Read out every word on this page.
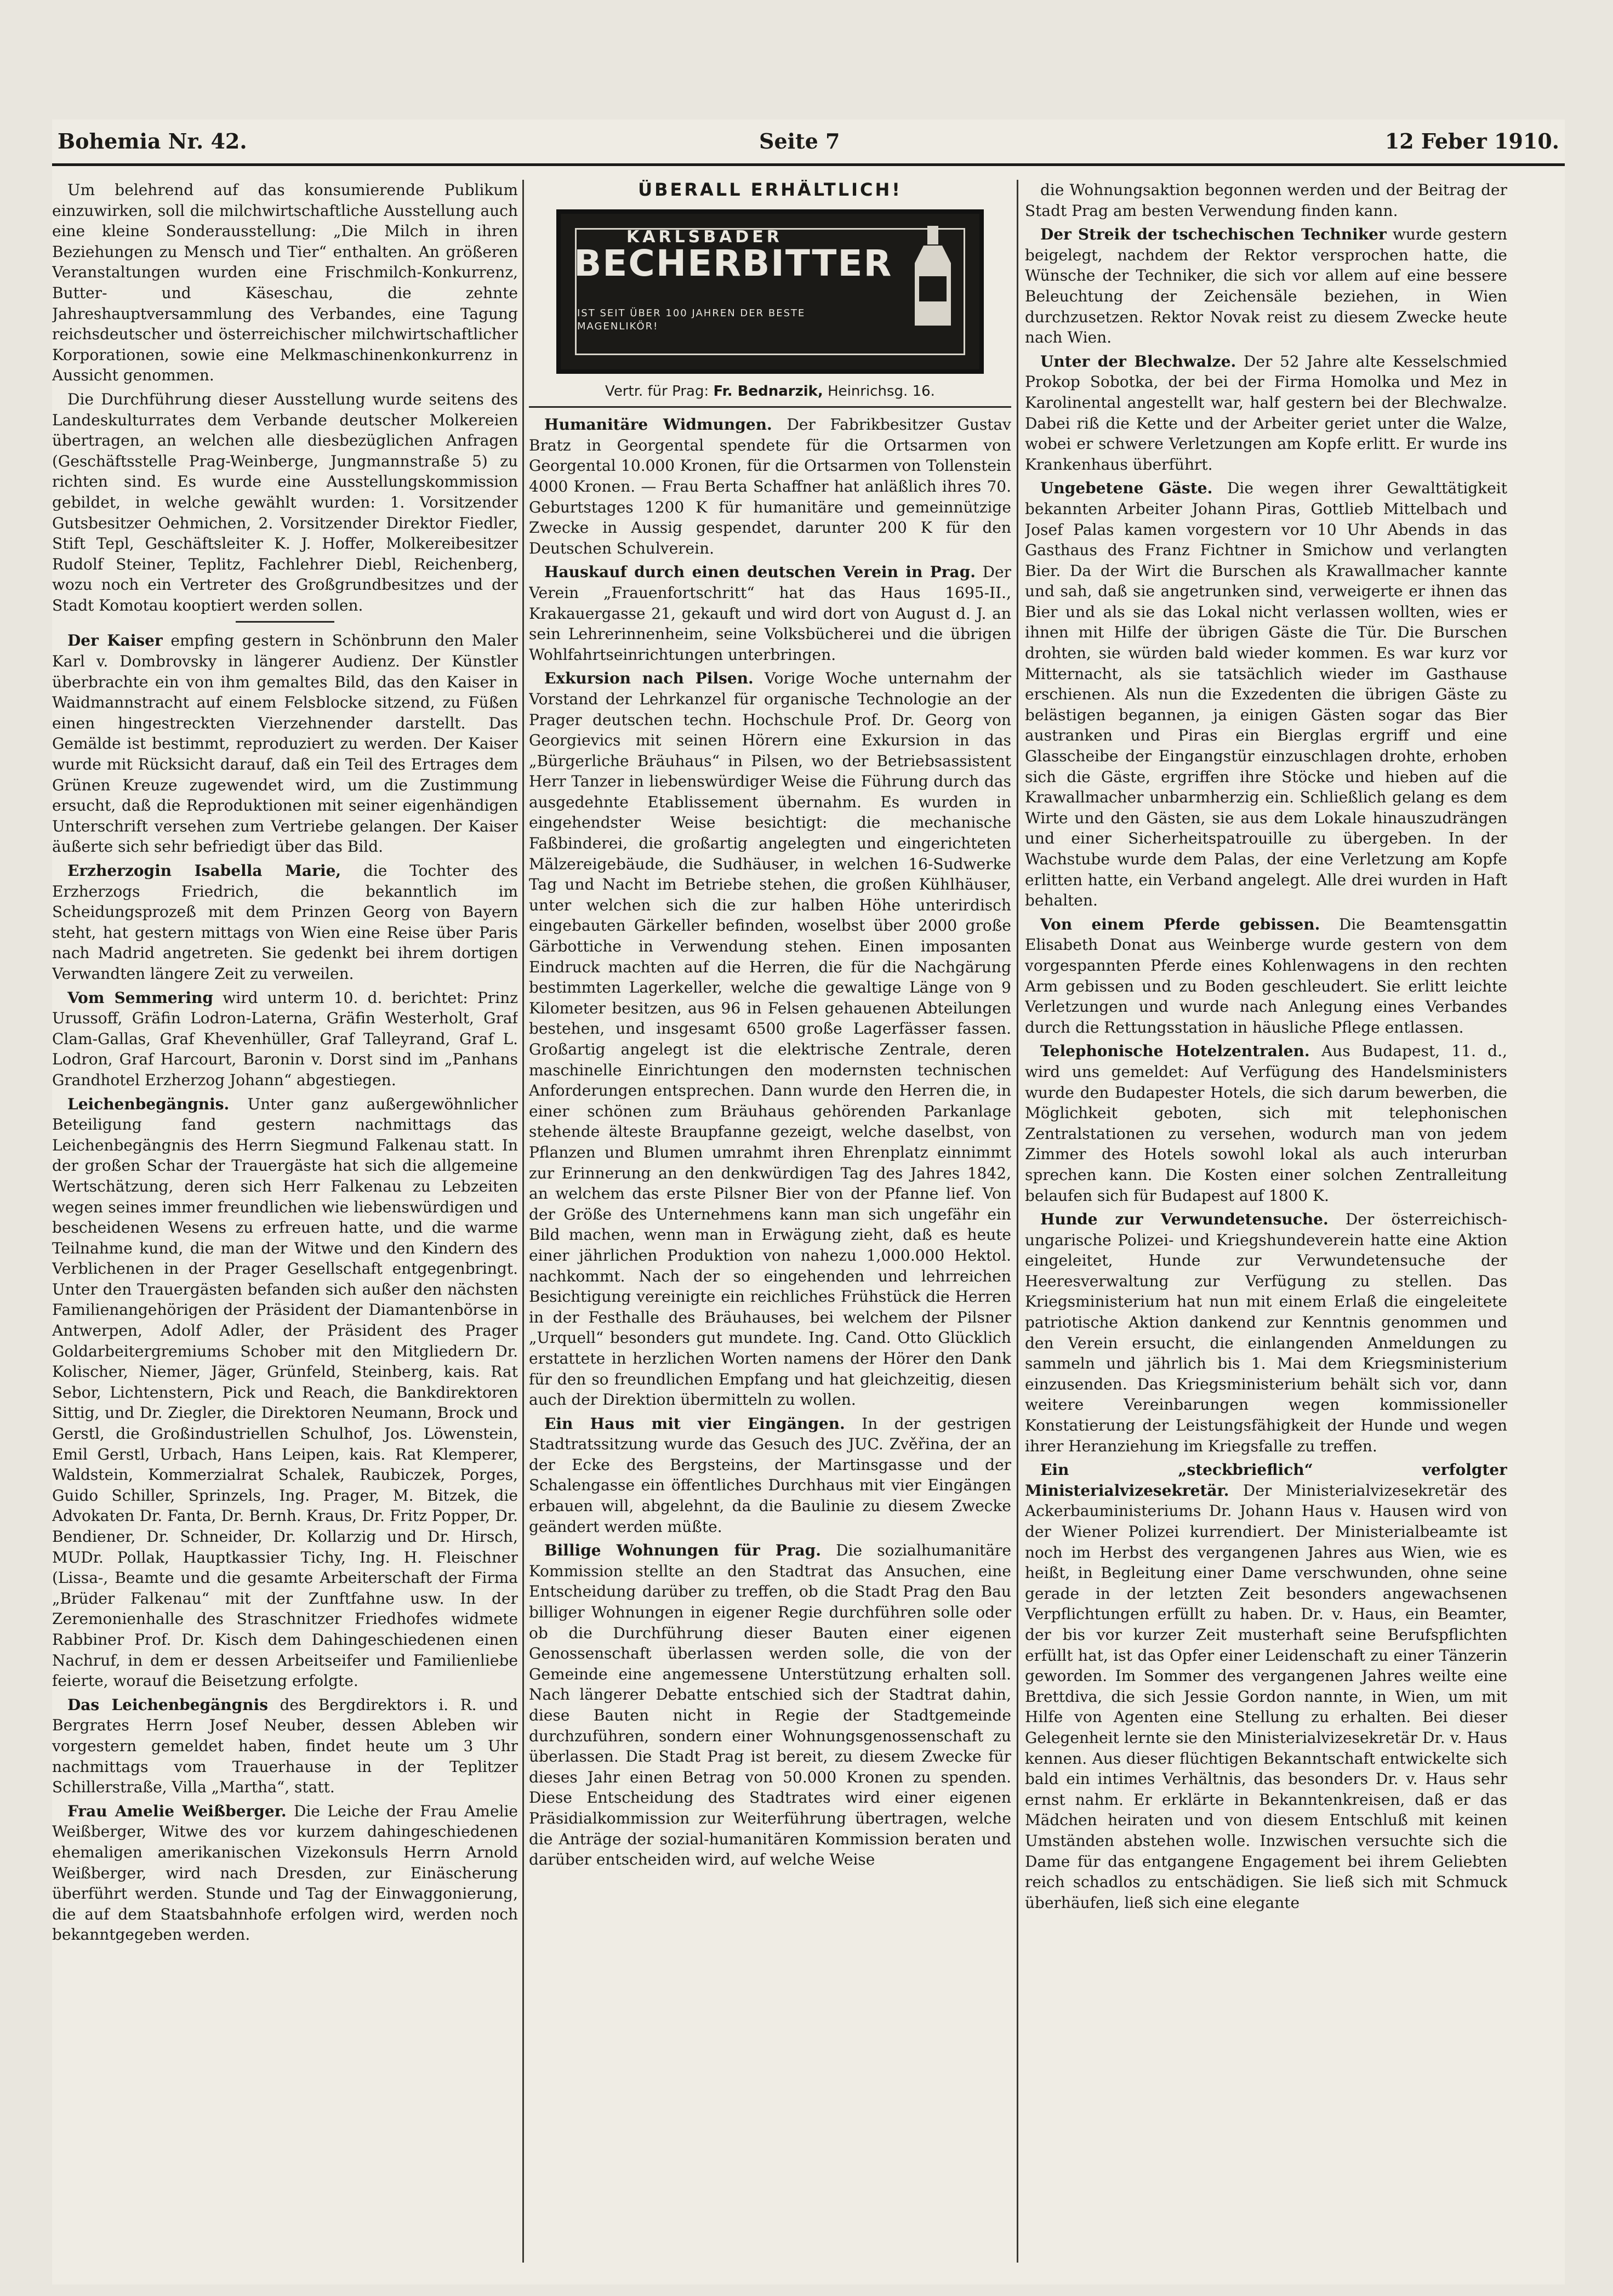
Bohemia Nr. 42.	Seite 7	12 Feber 1910.

Um belehrend auf das konsumierende Publikum einzuwirken, soll die milchwirtschaftliche Ausstellung auch eine kleine Sonderausstellung: „Die Milch in ihren Beziehungen zu Mensch und Tier“ enthalten. An größeren Veranstaltungen wurden eine Frischmilch-Konkurrenz, Butter- und Käseschau, die zehnte Jahreshauptversammlung des Verbandes, eine Tagung reichsdeutscher und österreichischer milchwirtschaftlicher Korporationen, sowie eine Melkmaschinenkonkurrenz in Aussicht genommen.

Die Durchführung dieser Ausstellung wurde seitens des Landeskulturrates dem Verbande deutscher Molkereien übertragen, an welchen alle diesbezüglichen Anfragen (Geschäftsstelle Prag-Weinberge, Jungmannstraße 5) zu richten sind. Es wurde eine Ausstellungskommission gebildet, in welche gewählt wurden: 1. Vorsitzender Gutsbesitzer Oehmichen, 2. Vorsitzender Direktor Fiedler, Stift Tepl, Geschäftsleiter K. J. Hoffer, Molkereibesitzer Rudolf Steiner, Teplitz, Fachlehrer Diebl, Reichenberg, wozu noch ein Vertreter des Großgrundbesitzes und der Stadt Komotau kooptiert werden sollen.

Der Kaiser empfing gestern in Schönbrunn den Maler Karl v. Dombrovsky in längerer Audienz. Der Künstler überbrachte ein von ihm gemaltes Bild, das den Kaiser in Waidmannstracht auf einem Felsblocke sitzend, zu Füßen einen hingestreckten Vierzehnender darstellt. Das Gemälde ist bestimmt, reproduziert zu werden. Der Kaiser wurde mit Rücksicht darauf, daß ein Teil des Ertrages dem Grünen Kreuze zugewendet wird, um die Zustimmung ersucht, daß die Reproduktionen mit seiner eigenhändigen Unterschrift versehen zum Vertriebe gelangen. Der Kaiser äußerte sich sehr befriedigt über das Bild.

Erzherzogin Isabella Marie, die Tochter des Erzherzogs Friedrich, die bekanntlich im Scheidungsprozeß mit dem Prinzen Georg von Bayern steht, hat gestern mittags von Wien eine Reise über Paris nach Madrid angetreten. Sie gedenkt bei ihrem dortigen Verwandten längere Zeit zu verweilen.

Vom Semmering wird unterm 10. d. berichtet: Prinz Urussoff, Gräfin Lodron-Laterna, Gräfin Westerholt, Graf Clam-Gallas, Graf Khevenhüller, Graf Talleyrand, Graf L. Lodron, Graf Harcourt, Baronin v. Dorst sind im „Panhans Grandhotel Erzherzog Johann“ abgestiegen.

Leichenbegängnis. Unter ganz außergewöhnlicher Beteiligung fand gestern nachmittags das Leichenbegängnis des Herrn Siegmund Falkenau statt. In der großen Schar der Trauergäste hat sich die allgemeine Wertschätzung, deren sich Herr Falkenau zu Lebzeiten wegen seines immer freundlichen wie liebenswürdigen und bescheidenen Wesens zu erfreuen hatte, und die warme Teilnahme kund, die man der Witwe und den Kindern des Verblichenen in der Prager Gesellschaft entgegenbringt. Unter den Trauergästen befanden sich außer den nächsten Familienangehörigen der Präsident der Diamantenbörse in Antwerpen, Adolf Adler, der Präsident des Prager Goldarbeitergremiums Schober mit den Mitgliedern Dr. Kolischer, Niemer, Jäger, Grünfeld, Steinberg, kais. Rat Sebor, Lichtenstern, Pick und Reach, die Bankdirektoren Sittig, und Dr. Ziegler, die Direktoren Neumann, Brock und Gerstl, die Großindustriellen Schulhof, Jos. Löwenstein, Emil Gerstl, Urbach, Hans Leipen, kais. Rat Klemperer, Waldstein, Kommerzialrat Schalek, Raubiczek, Porges, Guido Schiller, Sprinzels, Ing. Prager, M. Bitzek, die Advokaten Dr. Fanta, Dr. Bernh. Kraus, Dr. Fritz Popper, Dr. Bendiener, Dr. Schneider, Dr. Kollarzig und Dr. Hirsch, MUDr. Pollak, Hauptkassier Tichy, Ing. H. Fleischner (Lissa-, Beamte und die gesamte Arbeiterschaft der Firma „Brüder Falkenau“ mit der Zunftfahne usw. In der Zeremonienhalle des Straschnitzer Friedhofes widmete Rabbiner Prof. Dr. Kisch dem Dahingeschiedenen einen Nachruf, in dem er dessen Arbeitseifer und Familienliebe feierte, worauf die Beisetzung erfolgte.

Das Leichenbegängnis des Bergdirektors i. R. und Bergrates Herrn Josef Neuber, dessen Ableben wir vorgestern gemeldet haben, findet heute um 3 Uhr nachmittags vom Trauerhause in der Teplitzer Schillerstraße, Villa „Martha“, statt.

Frau Amelie Weißberger. Die Leiche der Frau Amelie Weißberger, Witwe des vor kurzem dahingeschiedenen ehemaligen amerikanischen Vizekonsuls Herrn Arnold Weißberger, wird nach Dresden, zur Einäscherung überführt werden. Stunde und Tag der Einwaggonierung, die auf dem Staatsbahnhofe erfolgen wird, werden noch bekanntgegeben werden.

ÜBERALL ERHÄLTLICH!
KARLSBADER
BECHERBITTER
IST SEIT ÜBER 100 JAHREN DER BESTE MAGENLIKÖR!
Vertr. für Prag: Fr. Bednarzik, Heinrichsg. 16.

Humanitäre Widmungen. Der Fabrikbesitzer Gustav Bratz in Georgental spendete für die Ortsarmen von Georgental 10.000 Kronen, für die Ortsarmen von Tollenstein 4000 Kronen. — Frau Berta Schaffner hat anläßlich ihres 70. Geburtstages 1200 K für humanitäre und gemeinnützige Zwecke in Aussig gespendet, darunter 200 K für den Deutschen Schulverein.

Hauskauf durch einen deutschen Verein in Prag. Der Verein „Frauenfortschritt“ hat das Haus 1695-II., Krakauergasse 21, gekauft und wird dort von August d. J. an sein Lehrerinnenheim, seine Volksbücherei und die übrigen Wohlfahrtseinrichtungen unterbringen.

Exkursion nach Pilsen. Vorige Woche unternahm der Vorstand der Lehrkanzel für organische Technologie an der Prager deutschen techn. Hochschule Prof. Dr. Georg von Georgievics mit seinen Hörern eine Exkursion in das „Bürgerliche Bräuhaus“ in Pilsen, wo der Betriebsassistent Herr Tanzer in liebenswürdiger Weise die Führung durch das ausgedehnte Etablissement übernahm. Es wurden in eingehendster Weise besichtigt: die mechanische Faßbinderei, die großartig angelegten und eingerichteten Mälzereigebäude, die Sudhäuser, in welchen 16-Sudwerke Tag und Nacht im Betriebe stehen, die großen Kühlhäuser, unter welchen sich die zur halben Höhe unterirdisch eingebauten Gärkeller befinden, woselbst über 2000 große Gärbottiche in Verwendung stehen. Einen imposanten Eindruck machten auf die Herren, die für die Nachgärung bestimmten Lagerkeller, welche die gewaltige Länge von 9 Kilometer besitzen, aus 96 in Felsen gehauenen Abteilungen bestehen, und insgesamt 6500 große Lagerfässer fassen. Großartig angelegt ist die elektrische Zentrale, deren maschinelle Einrichtungen den modernsten technischen Anforderungen entsprechen. Dann wurde den Herren die, in einer schönen zum Bräuhaus gehörenden Parkanlage stehende älteste Braupfanne gezeigt, welche daselbst, von Pflanzen und Blumen umrahmt ihren Ehrenplatz einnimmt zur Erinnerung an den denkwürdigen Tag des Jahres 1842, an welchem das erste Pilsner Bier von der Pfanne lief. Von der Größe des Unternehmens kann man sich ungefähr ein Bild machen, wenn man in Erwägung zieht, daß es heute einer jährlichen Produktion von nahezu 1,000.000 Hektol. nachkommt. Nach der so eingehenden und lehrreichen Besichtigung vereinigte ein reichliches Frühstück die Herren in der Festhalle des Bräuhauses, bei welchem der Pilsner „Urquell“ besonders gut mundete. Ing. Cand. Otto Glücklich erstattete in herzlichen Worten namens der Hörer den Dank für den so freundlichen Empfang und hat gleichzeitig, diesen auch der Direktion übermitteln zu wollen.

Ein Haus mit vier Eingängen. In der gestrigen Stadtratssitzung wurde das Gesuch des JUC. Zvěřina, der an der Ecke des Bergsteins, der Martinsgasse und der Schalengasse ein öffentliches Durchhaus mit vier Eingängen erbauen will, abgelehnt, da die Baulinie zu diesem Zwecke geändert werden müßte.

Billige Wohnungen für Prag. Die sozialhumanitäre Kommission stellte an den Stadtrat das Ansuchen, eine Entscheidung darüber zu treffen, ob die Stadt Prag den Bau billiger Wohnungen in eigener Regie durchführen solle oder ob die Durchführung dieser Bauten einer eigenen Genossenschaft überlassen werden solle, die von der Gemeinde eine angemessene Unterstützung erhalten soll. Nach längerer Debatte entschied sich der Stadtrat dahin, diese Bauten nicht in Regie der Stadtgemeinde durchzuführen, sondern einer Wohnungsgenossenschaft zu überlassen. Die Stadt Prag ist bereit, zu diesem Zwecke für dieses Jahr einen Betrag von 50.000 Kronen zu spenden. Diese Entscheidung des Stadtrates wird einer eigenen Präsidialkommission zur Weiterführung übertragen, welche die Anträge der sozial-humanitären Kommission beraten und darüber entscheiden wird, auf welche Weise

die Wohnungsaktion begonnen werden und der Beitrag der Stadt Prag am besten Verwendung finden kann.

Der Streik der tschechischen Techniker wurde gestern beigelegt, nachdem der Rektor versprochen hatte, die Wünsche der Techniker, die sich vor allem auf eine bessere Beleuchtung der Zeichensäle beziehen, in Wien durchzusetzen. Rektor Novak reist zu diesem Zwecke heute nach Wien.

Unter der Blechwalze. Der 52 Jahre alte Kesselschmied Prokop Sobotka, der bei der Firma Homolka und Mez in Karolinental angestellt war, half gestern bei der Blechwalze. Dabei riß die Kette und der Arbeiter geriet unter die Walze, wobei er schwere Verletzungen am Kopfe erlitt. Er wurde ins Krankenhaus überführt.

Ungebetene Gäste. Die wegen ihrer Gewalttätigkeit bekannten Arbeiter Johann Piras, Gottlieb Mittelbach und Josef Palas kamen vorgestern vor 10 Uhr Abends in das Gasthaus des Franz Fichtner in Smichow und verlangten Bier. Da der Wirt die Burschen als Krawallmacher kannte und sah, daß sie angetrunken sind, verweigerte er ihnen das Bier und als sie das Lokal nicht verlassen wollten, wies er ihnen mit Hilfe der übrigen Gäste die Tür. Die Burschen drohten, sie würden bald wieder kommen. Es war kurz vor Mitternacht, als sie tatsächlich wieder im Gasthause erschienen. Als nun die Exzedenten die übrigen Gäste zu belästigen begannen, ja einigen Gästen sogar das Bier austranken und Piras ein Bierglas ergriff und eine Glasscheibe der Eingangstür einzuschlagen drohte, erhoben sich die Gäste, ergriffen ihre Stöcke und hieben auf die Krawallmacher unbarmherzig ein. Schließlich gelang es dem Wirte und den Gästen, sie aus dem Lokale hinauszudrängen und einer Sicherheitspatrouille zu übergeben. In der Wachstube wurde dem Palas, der eine Verletzung am Kopfe erlitten hatte, ein Verband angelegt. Alle drei wurden in Haft behalten.

Von einem Pferde gebissen. Die Beamtensgattin Elisabeth Donat aus Weinberge wurde gestern von dem vorgespannten Pferde eines Kohlenwagens in den rechten Arm gebissen und zu Boden geschleudert. Sie erlitt leichte Verletzungen und wurde nach Anlegung eines Verbandes durch die Rettungsstation in häusliche Pflege entlassen.

Telephonische Hotelzentralen. Aus Budapest, 11. d., wird uns gemeldet: Auf Verfügung des Handelsministers wurde den Budapester Hotels, die sich darum bewerben, die Möglichkeit geboten, sich mit telephonischen Zentralstationen zu versehen, wodurch man von jedem Zimmer des Hotels sowohl lokal als auch interurban sprechen kann. Die Kosten einer solchen Zentralleitung belaufen sich für Budapest auf 1800 K.

Hunde zur Verwundetensuche. Der österreichisch-ungarische Polizei- und Kriegshundeverein hatte eine Aktion eingeleitet, Hunde zur Verwundetensuche der Heeresverwaltung zur Verfügung zu stellen. Das Kriegsministerium hat nun mit einem Erlaß die eingeleitete patriotische Aktion dankend zur Kenntnis genommen und den Verein ersucht, die einlangenden Anmeldungen zu sammeln und jährlich bis 1. Mai dem Kriegsministerium einzusenden. Das Kriegsministerium behält sich vor, dann weitere Vereinbarungen wegen kommissioneller Konstatierung der Leistungsfähigkeit der Hunde und wegen ihrer Heranziehung im Kriegsfalle zu treffen.

Ein „steckbrieflich“ verfolgter Ministerialvizesekretär. Der Ministerialvizesekretär des Ackerbauministeriums Dr. Johann Haus v. Hausen wird von der Wiener Polizei kurrendiert. Der Ministerialbeamte ist noch im Herbst des vergangenen Jahres aus Wien, wie es heißt, in Begleitung einer Dame verschwunden, ohne seine gerade in der letzten Zeit besonders angewachsenen Verpflichtungen erfüllt zu haben. Dr. v. Haus, ein Beamter, der bis vor kurzer Zeit musterhaft seine Berufspflichten erfüllt hat, ist das Opfer einer Leidenschaft zu einer Tänzerin geworden. Im Sommer des vergangenen Jahres weilte eine Brettdiva, die sich Jessie Gordon nannte, in Wien, um mit Hilfe von Agenten eine Stellung zu erhalten. Bei dieser Gelegenheit lernte sie den Ministerialvizesekretär Dr. v. Haus kennen. Aus dieser flüchtigen Bekanntschaft entwickelte sich bald ein intimes Verhältnis, das besonders Dr. v. Haus sehr ernst nahm. Er erklärte in Bekanntenkreisen, daß er das Mädchen heiraten und von diesem Entschluß mit keinen Umständen abstehen wolle. Inzwischen versuchte sich die Dame für das entgangene Engagement bei ihrem Geliebten reich schadlos zu entschädigen. Sie ließ sich mit Schmuck überhäufen, ließ sich eine elegante
